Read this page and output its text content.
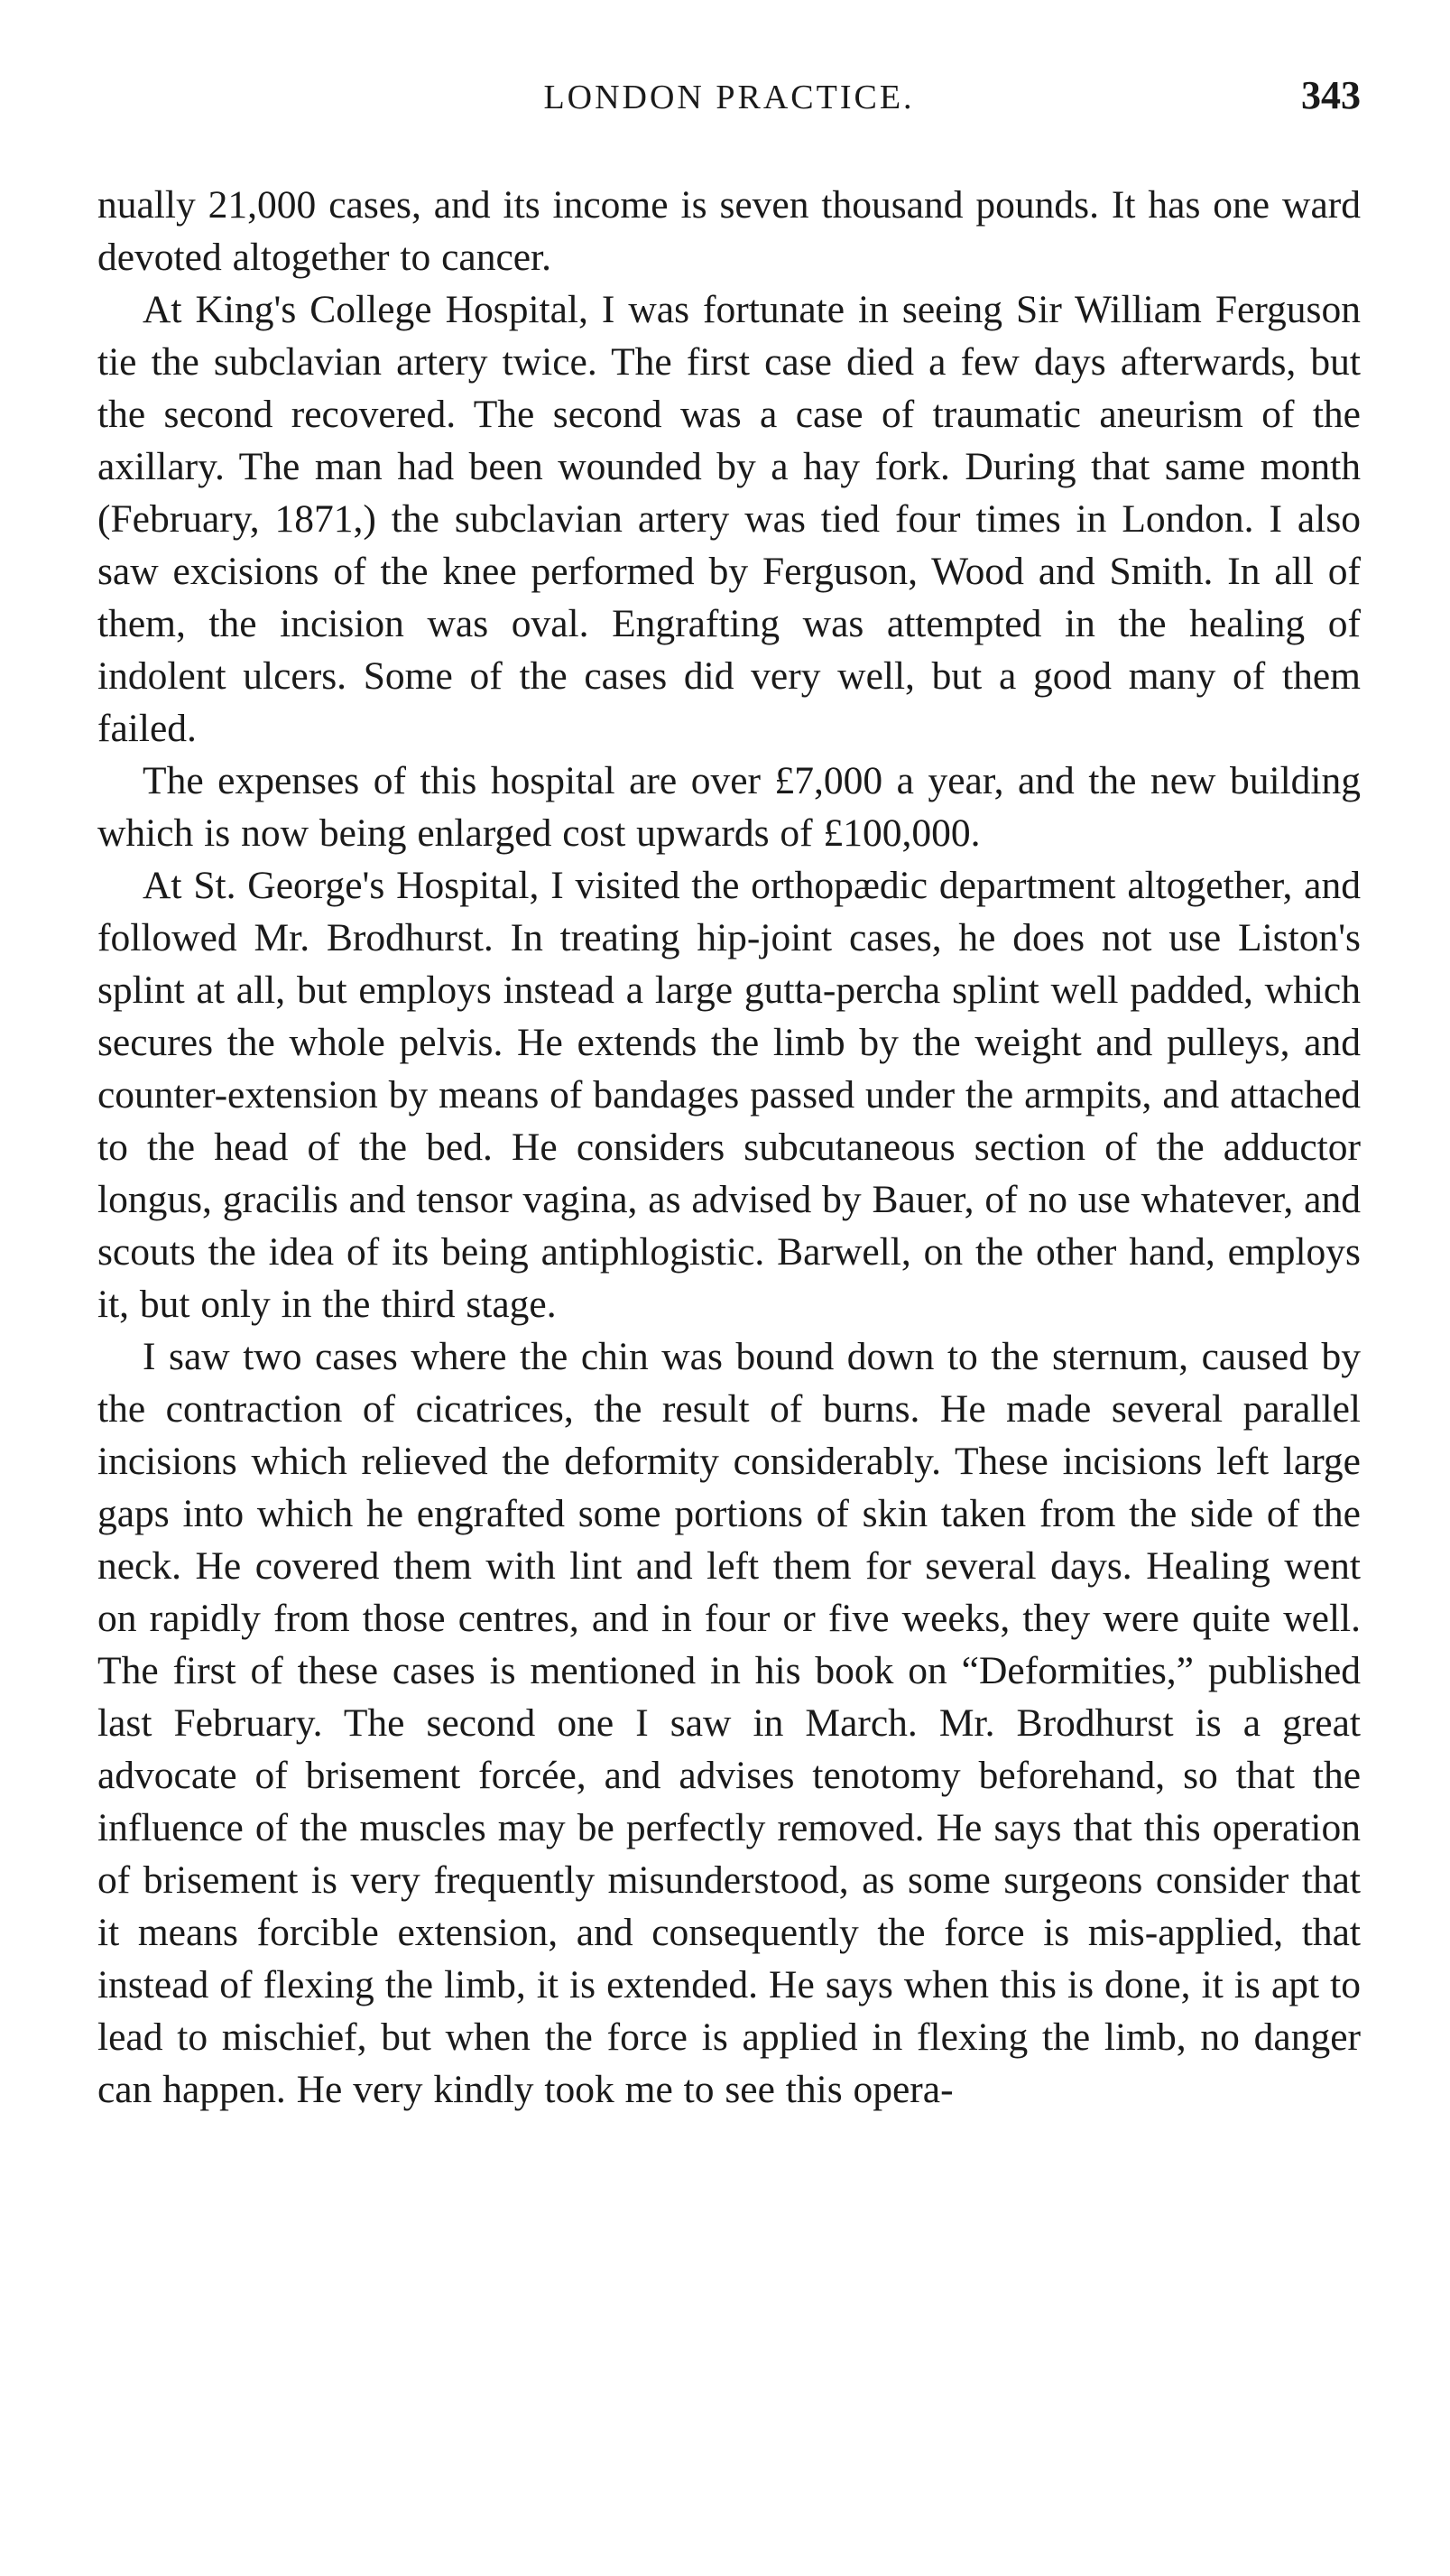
LONDON PRACTICE.	343

nually 21,000 cases, and its income is seven thousand pounds. It has one ward devoted altogether to cancer.

At King's College Hospital, I was fortunate in seeing Sir William Ferguson tie the subclavian artery twice. The first case died a few days afterwards, but the second recovered. The second was a case of traumatic aneurism of the axillary. The man had been wounded by a hay fork. During that same month (February, 1871,) the subclavian artery was tied four times in London. I also saw excisions of the knee performed by Ferguson, Wood and Smith. In all of them, the incision was oval. Engrafting was attempted in the healing of indolent ulcers. Some of the cases did very well, but a good many of them failed.

The expenses of this hospital are over £7,000 a year, and the new building which is now being enlarged cost upwards of £100,000.

At St. George's Hospital, I visited the orthopædic department altogether, and followed Mr. Brodhurst. In treating hip-joint cases, he does not use Liston's splint at all, but employs instead a large gutta-percha splint well padded, which secures the whole pelvis. He extends the limb by the weight and pulleys, and counter-extension by means of bandages passed under the armpits, and attached to the head of the bed. He considers subcutaneous section of the adductor longus, gracilis and tensor vagina, as advised by Bauer, of no use whatever, and scouts the idea of its being antiphlogistic. Barwell, on the other hand, employs it, but only in the third stage.

I saw two cases where the chin was bound down to the sternum, caused by the contraction of cicatrices, the result of burns. He made several parallel incisions which relieved the deformity considerably. These incisions left large gaps into which he engrafted some portions of skin taken from the side of the neck. He covered them with lint and left them for several days. Healing went on rapidly from those centres, and in four or five weeks, they were quite well. The first of these cases is mentioned in his book on “Deformities,” published last February. The second one I saw in March. Mr. Brodhurst is a great advocate of brisement forcée, and advises tenotomy beforehand, so that the influence of the muscles may be perfectly removed. He says that this operation of brisement is very frequently misunderstood, as some surgeons consider that it means forcible extension, and consequently the force is mis-applied, that instead of flexing the limb, it is extended. He says when this is done, it is apt to lead to mischief, but when the force is applied in flexing the limb, no danger can happen. He very kindly took me to see this opera-
